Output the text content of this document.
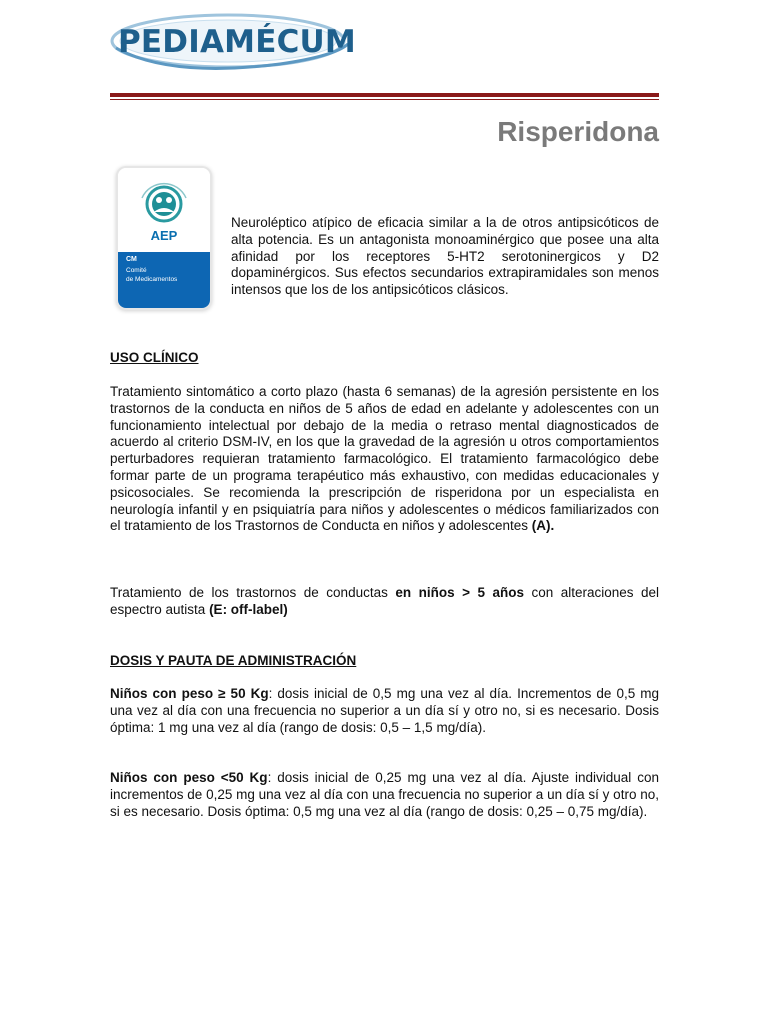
PEDIAMÉCUM
Risperidona
AEP
CM
Comité
de Medicamentos

Neuroléptico atípico de eficacia similar a la de otros antipsicóticos de alta potencia. Es un antagonista monoaminérgico que posee una alta afinidad por los receptores 5-HT2 serotoninergicos y D2 dopaminérgicos. Sus efectos secundarios extrapiramidales son menos intensos que los de los antipsicóticos clásicos.

USO CLÍNICO

Tratamiento sintomático a corto plazo (hasta 6 semanas) de la agresión persistente en los trastornos de la conducta en niños de 5 años de edad en adelante y adolescentes con un funcionamiento intelectual por debajo de la media o retraso mental diagnosticados de acuerdo al criterio DSM-IV, en los que la gravedad de la agresión u otros comportamientos perturbadores requieran tratamiento farmacológico. El tratamiento farmacológico debe formar parte de un programa terapéutico más exhaustivo, con medidas educacionales y psicosociales. Se recomienda la prescripción de risperidona por un especialista en neurología infantil y en psiquiatría para niños y adolescentes o médicos familiarizados con el tratamiento de los Trastornos de Conducta en niños y adolescentes (A).

Tratamiento de los trastornos de conductas en niños > 5 años con alteraciones del espectro autista (E: off-label)

DOSIS Y PAUTA DE ADMINISTRACIÓN

Niños con peso ≥ 50 Kg: dosis inicial de 0,5 mg una vez al día. Incrementos de 0,5 mg una vez al día con una frecuencia no superior a un día sí y otro no, si es necesario. Dosis óptima: 1 mg una vez al día (rango de dosis: 0,5 – 1,5 mg/día).

Niños con peso <50 Kg: dosis inicial de 0,25 mg una vez al día. Ajuste individual con incrementos de 0,25 mg una vez al día con una frecuencia no superior a un día sí y otro no, si es necesario. Dosis óptima: 0,5 mg una vez al día (rango de dosis: 0,25 – 0,75 mg/día).
